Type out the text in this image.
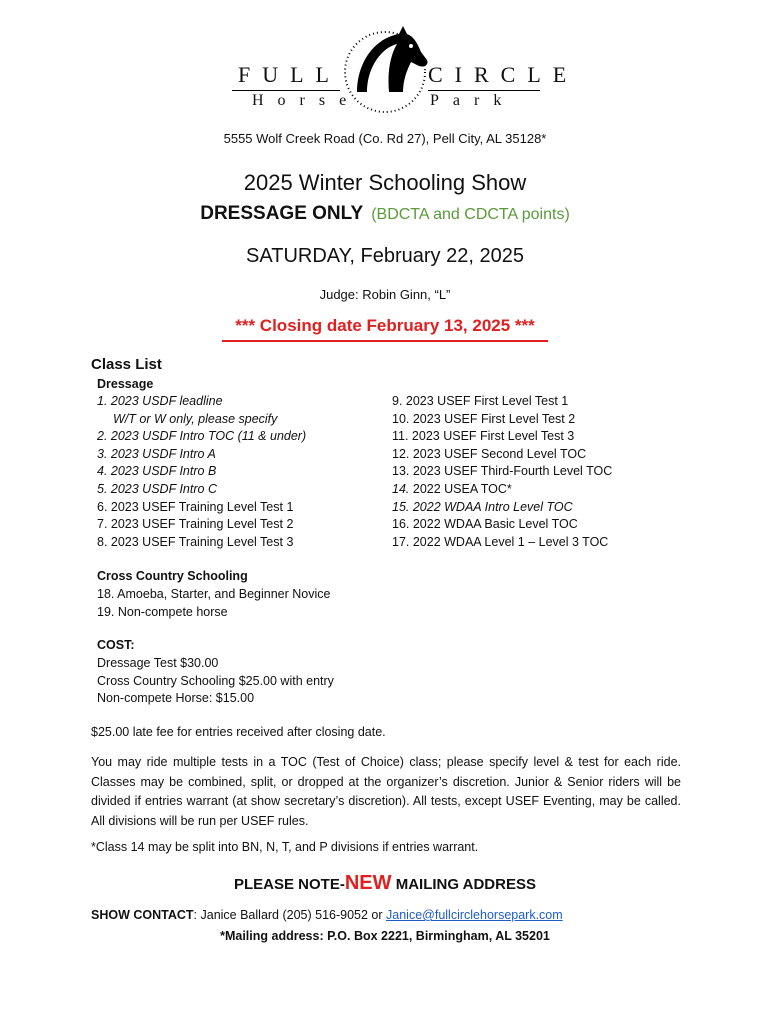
FULL	CIRCLE
Horse	Park
5555 Wolf Creek Road (Co. Rd 27), Pell City, AL 35128*
2025 Winter Schooling Show
DRESSAGE ONLY (BDCTA and CDCTA points)
SATURDAY, February 22, 2025
Judge: Robin Ginn, “L”
*** Closing date February 13, 2025 ***
Class List
Dressage
1. 2023 USDF leadline
W/T or W only, please specify
2. 2023 USDF Intro TOC (11 & under)
3. 2023 USDF Intro A
4. 2023 USDF Intro B
5. 2023 USDF Intro C
6. 2023 USEF Training Level Test 1
7. 2023 USEF Training Level Test 2
8. 2023 USEF Training Level Test 3
9. 2023 USEF First Level Test 1
10. 2023 USEF First Level Test 2
11. 2023 USEF First Level Test 3
12. 2023 USEF Second Level TOC
13. 2023 USEF Third-Fourth Level TOC
14. 2022 USEA TOC*
15. 2022 WDAA Intro Level TOC
16. 2022 WDAA Basic Level TOC
17. 2022 WDAA Level 1 – Level 3 TOC
Cross Country Schooling
18. Amoeba, Starter, and Beginner Novice
19. Non-compete horse
COST:
Dressage Test $30.00
Cross Country Schooling $25.00 with entry
Non-compete Horse: $15.00
$25.00 late fee for entries received after closing date.
You may ride multiple tests in a TOC (Test of Choice) class; please specify level & test for each ride. Classes may be combined, split, or dropped at the organizer’s discretion. Junior & Senior riders will be divided if entries warrant (at show secretary’s discretion). All tests, except USEF Eventing, may be called. All divisions will be run per USEF rules.
*Class 14 may be split into BN, N, T, and P divisions if entries warrant.
PLEASE NOTE-NEW MAILING ADDRESS
SHOW CONTACT: Janice Ballard (205) 516-9052 or Janice@fullcirclehorsepark.com
*Mailing address: P.O. Box 2221, Birmingham, AL 35201
